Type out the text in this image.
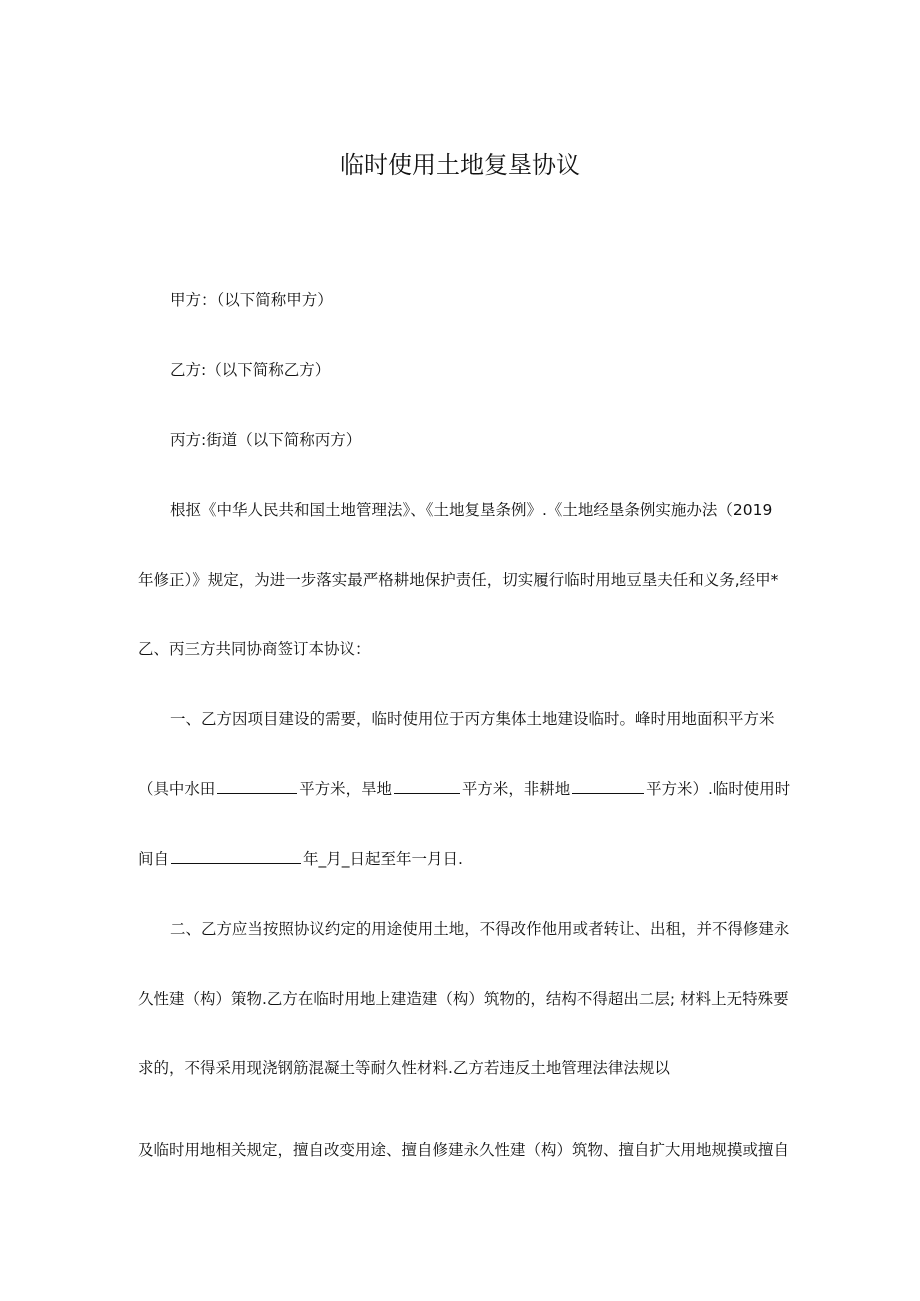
临时使用土地复垦协议
甲方：（以下简称甲方）
乙方:（以下简称乙方）
丙方:街道（以下简称丙方）
根抠《中华人民共和国土地管理法》、《土地复垦条例》.《土地经垦条例实施办法（2019
年修正）》规定，为进一步落实最严格耕地保护责任，切实履行临时用地豆垦夫任和义务,经甲*
乙、丙三方共同协商签订本协议：
一、乙方因项目建设的需要，临时使用位于丙方集体土地建设临时。峰时用地面积平方米
（具中水田	平方米，旱地	平方米，非耕地	平方米）.临时使用时
间自	年_月_日起至年一月日.
二、乙方应当按照协议约定的用途使用土地，不得改作他用或者转让、出租，并不得修建永
久性建（构）策物.乙方在临时用地上建造建（构）筑物的，结构不得超出二层; 材料上无特殊要
求的，不得采用现浇钢筋混凝土等耐久性材料.乙方若违反土地管理法律法规以
及临时用地相关规定，擅自改变用途、擅自修建永久性建（构）筑物、擅自扩大用地规摸或擅自
